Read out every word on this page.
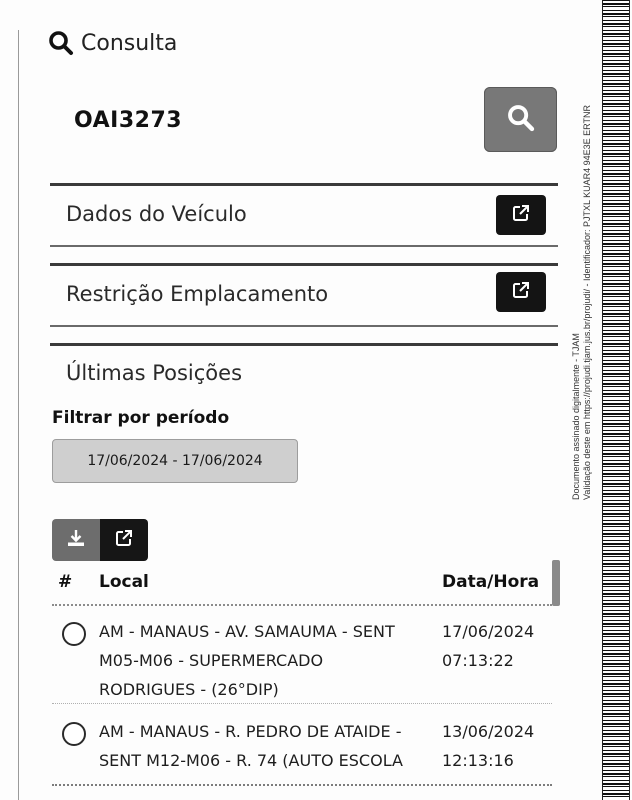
Consulta
OAI3273
Dados do Veículo
Restrição Emplacamento
Últimas Posições
Filtrar por período
17/06/2024 - 17/06/2024
# Local	Data/Hora
AM - MANAUS - AV. SAMAUMA - SENT
M05-M06 - SUPERMERCADO
RODRIGUES - (26°DIP)
17/06/2024
07:13:22
AM - MANAUS - R. PEDRO DE ATAIDE -
SENT M12-M06 - R. 74 (AUTO ESCOLA
13/06/2024
12:13:16
Documento assinado digitalmente - TJAM Validação deste em https://projudi.tjam.jus.br/projudi/ - Identificador: PJTXL KUAR4 94E3E ERTNR
